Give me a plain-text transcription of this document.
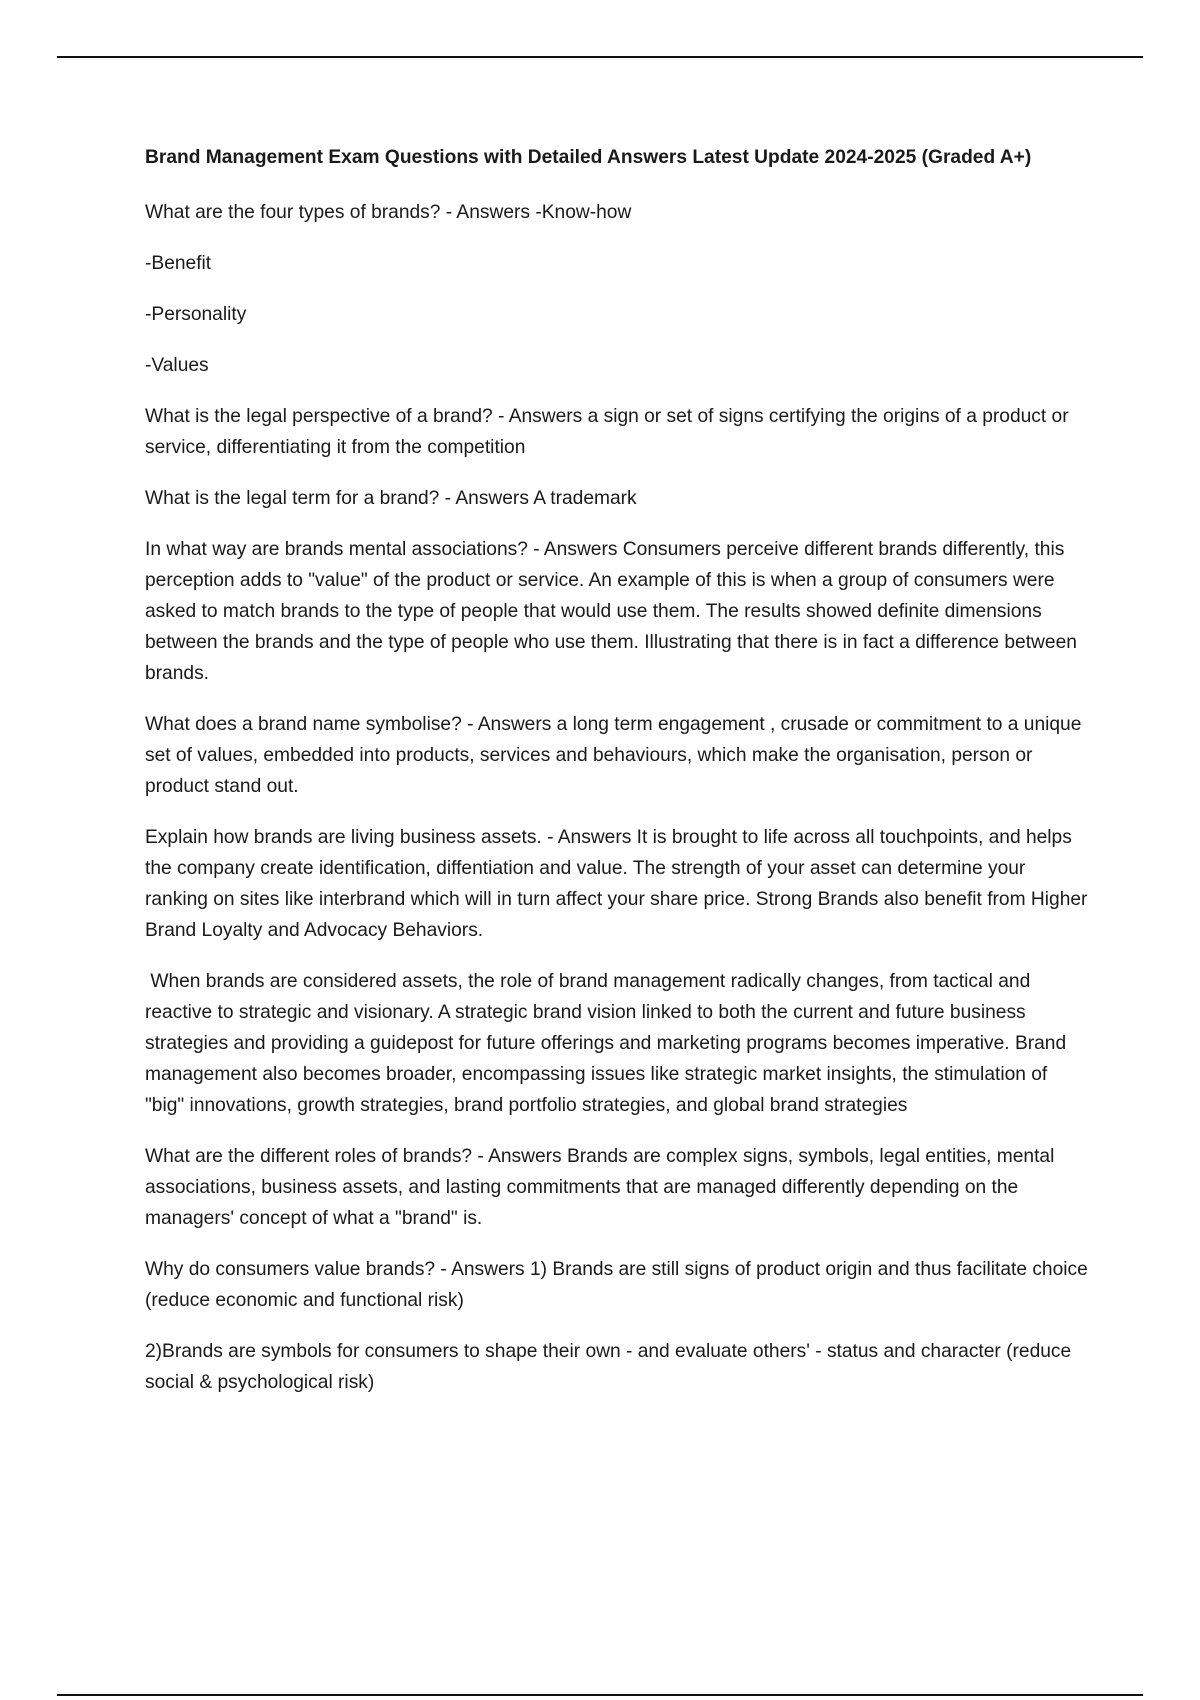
Brand Management Exam Questions with Detailed Answers Latest Update 2024-2025 (Graded A+)

What are the four types of brands? - Answers -Know-how

-Benefit

-Personality

-Values

What is the legal perspective of a brand? - Answers a sign or set of signs certifying the origins of a product or service, differentiating it from the competition

What is the legal term for a brand? - Answers A trademark

In what way are brands mental associations? - Answers Consumers perceive different brands differently, this perception adds to "value" of the product or service. An example of this is when a group of consumers were asked to match brands to the type of people that would use them. The results showed definite dimensions between the brands and the type of people who use them. Illustrating that there is in fact a difference between brands.

What does a brand name symbolise? - Answers a long term engagement , crusade or commitment to a unique set of values, embedded into products, services and behaviours, which make the organisation, person or product stand out.

Explain how brands are living business assets. - Answers It is brought to life across all touchpoints, and helps the company create identification, diffentiation and value. The strength of your asset can determine your ranking on sites like interbrand which will in turn affect your share price. Strong Brands also benefit from Higher Brand Loyalty and Advocacy Behaviors.

When brands are considered assets, the role of brand management radically changes, from tactical and reactive to strategic and visionary. A strategic brand vision linked to both the current and future business strategies and providing a guidepost for future offerings and marketing programs becomes imperative. Brand management also becomes broader, encompassing issues like strategic market insights, the stimulation of "big" innovations, growth strategies, brand portfolio strategies, and global brand strategies

What are the different roles of brands? - Answers Brands are complex signs, symbols, legal entities, mental associations, business assets, and lasting commitments that are managed differently depending on the managers' concept of what a "brand" is.

Why do consumers value brands? - Answers 1) Brands are still signs of product origin and thus facilitate choice (reduce economic and functional risk)

2)Brands are symbols for consumers to shape their own - and evaluate others' - status and character (reduce social & psychological risk)
